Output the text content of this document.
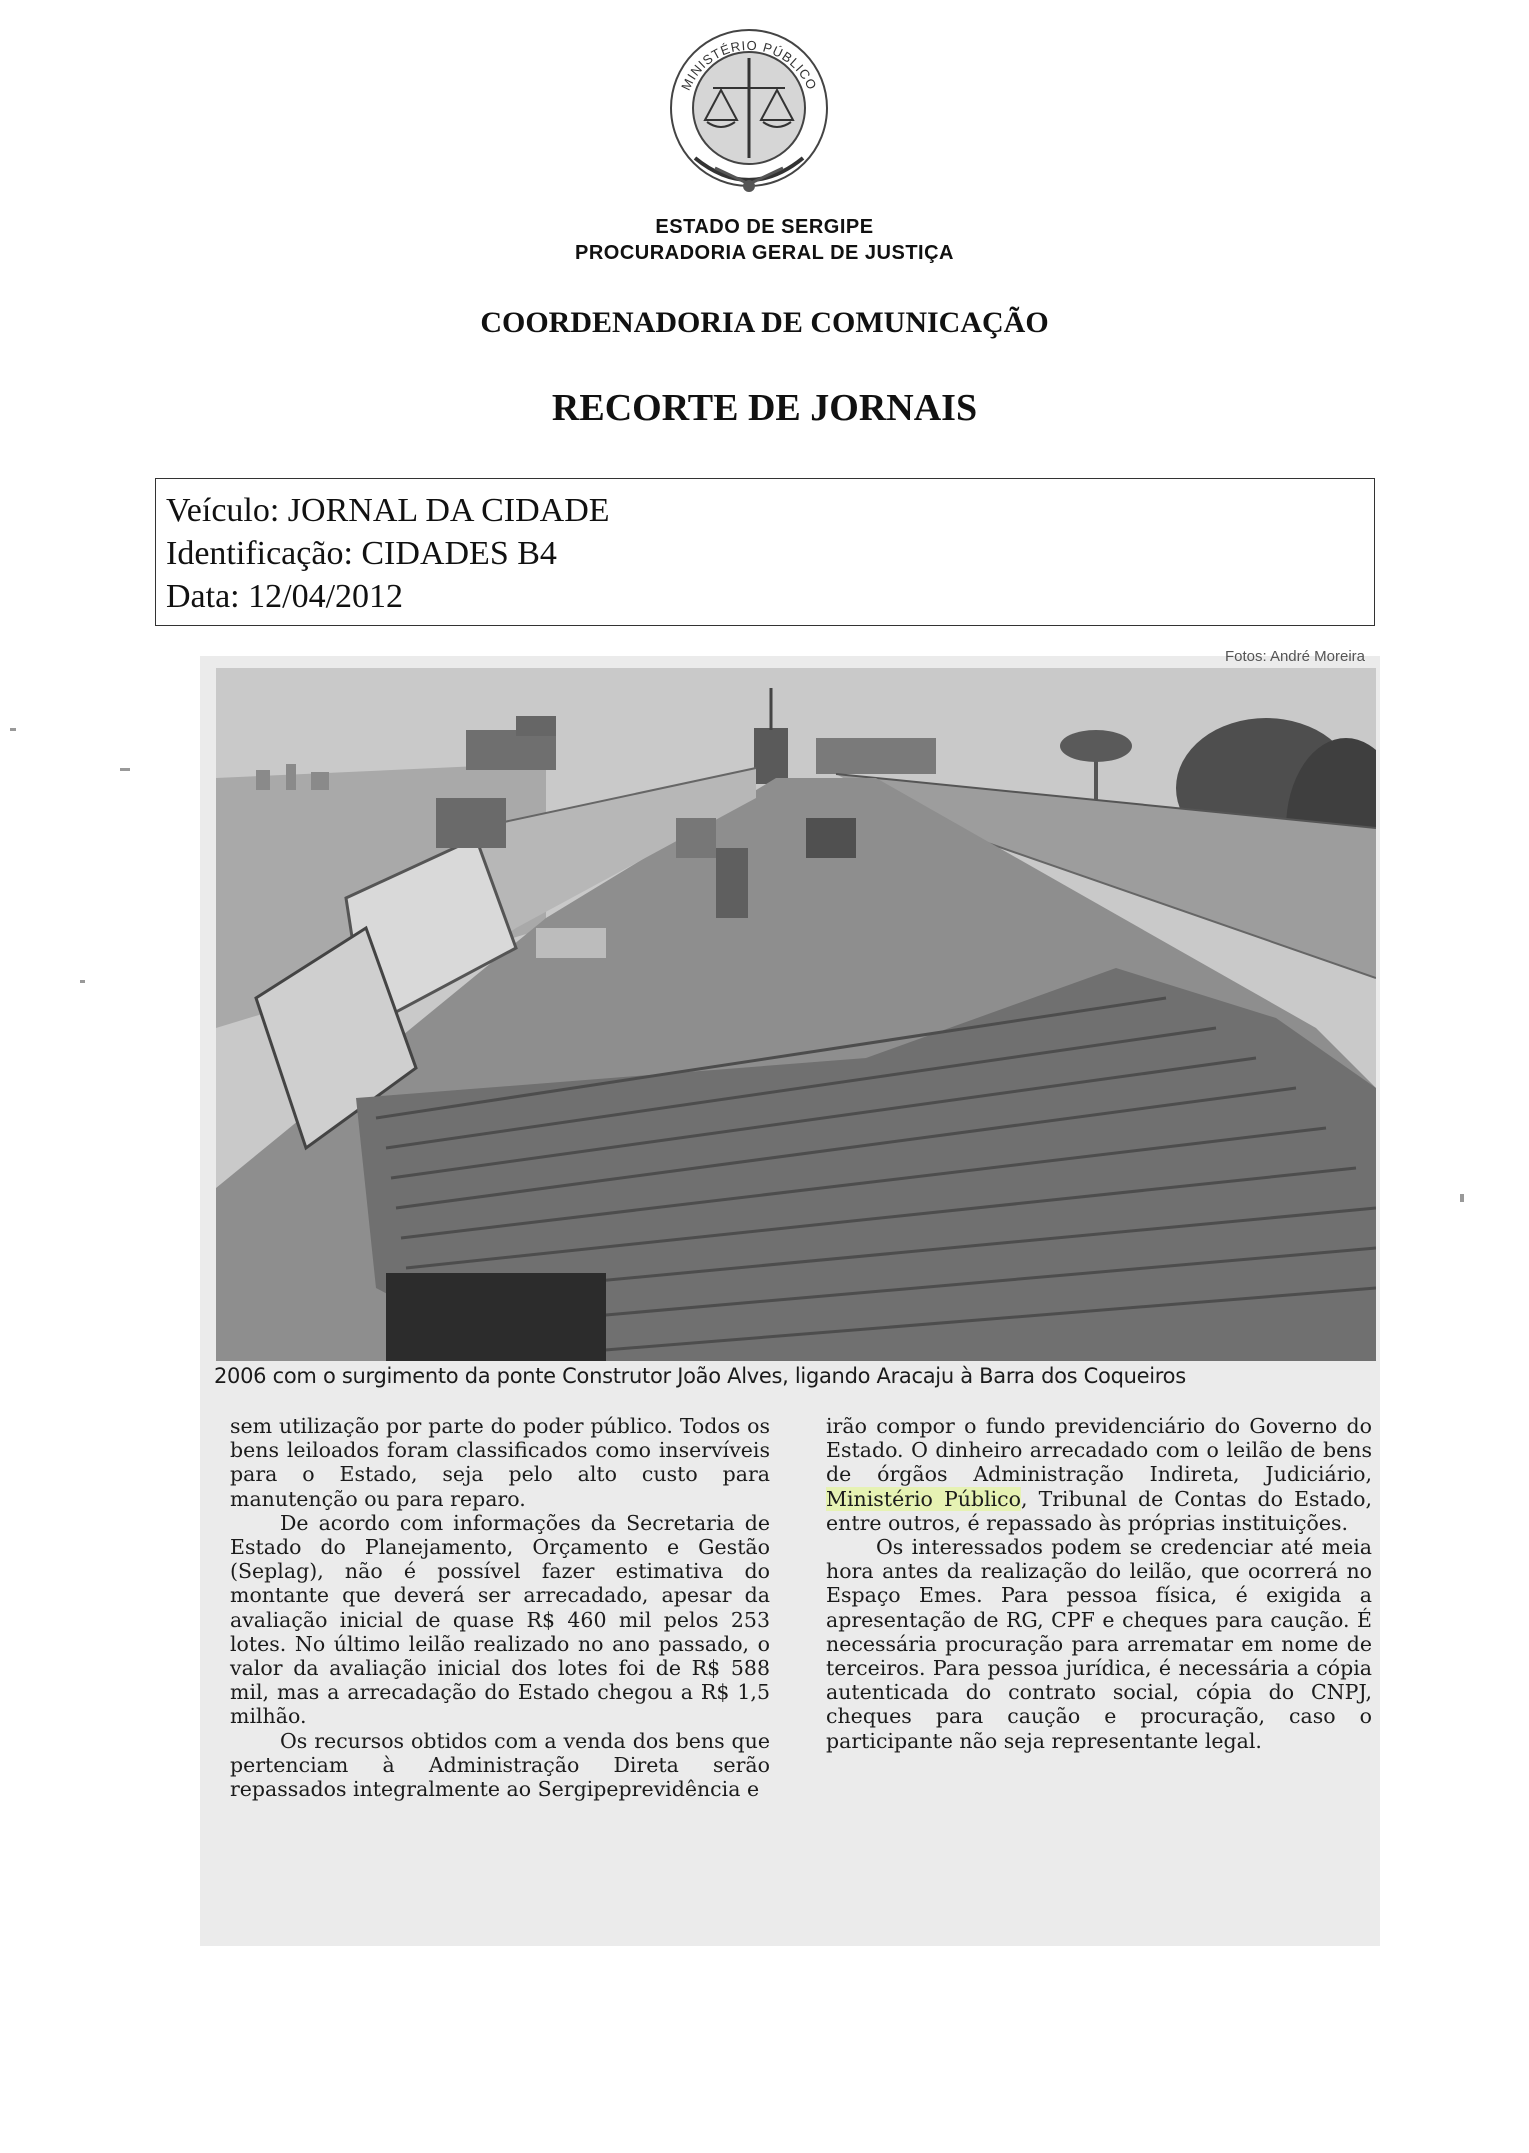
MINISTÉRIO PÚBLICO
ESTADO DE SERGIPE
PROCURADORIA GERAL DE JUSTIÇA
COORDENADORIA DE COMUNICAÇÃO
RECORTE DE JORNAIS
Veículo: JORNAL DA CIDADE
Identificação: CIDADES B4
Data: 12/04/2012
Fotos: André Moreira
2006 com o surgimento da ponte Construtor João Alves, ligando Aracaju à Barra dos Coqueiros

sem utilização por parte do poder público. Todos os bens leiloados foram classificados como inservíveis para o Estado, seja pelo alto custo para manutenção ou para reparo.

De acordo com informações da Secretaria de Estado do Planejamento, Orçamento e Gestão (Seplag), não é possível fazer estimativa do montante que deverá ser arrecadado, apesar da avaliação inicial de quase R$ 460 mil pelos 253 lotes. No último leilão realizado no ano passado, o valor da avaliação inicial dos lotes foi de R$ 588 mil, mas a arrecadação do Estado chegou a R$ 1,5 milhão.

Os recursos obtidos com a venda dos bens que pertenciam à Administração Direta serão repassados integralmente ao Sergipeprevidência e

irão compor o fundo previdenciário do Governo do Estado. O dinheiro arrecadado com o leilão de bens de órgãos Administração Indireta, Judiciário, Ministério Público, Tribunal de Contas do Estado, entre outros, é repassado às próprias instituições.

Os interessados podem se credenciar até meia hora antes da realização do leilão, que ocorrerá no Espaço Emes. Para pessoa física, é exigida a apresentação de RG, CPF e cheques para caução. É necessária procuração para arrematar em nome de terceiros. Para pessoa jurídica, é necessária a cópia autenticada do contrato social, cópia do CNPJ, cheques para caução e procuração, caso o participante não seja representante legal.
